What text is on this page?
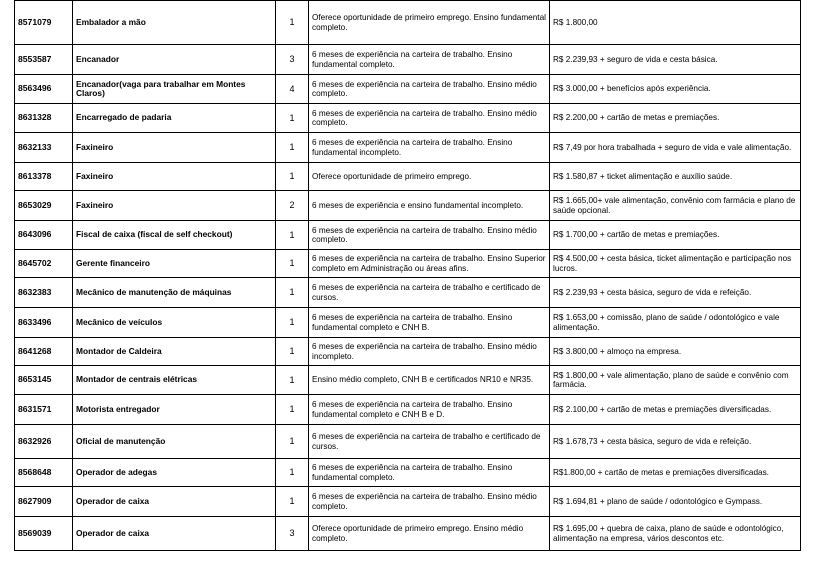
8571079	Embalador a mão	1	Oferece oportunidade de primeiro emprego. Ensino fundamental completo.	R$ 1.800,00
8553587	Encanador	3	6 meses de experiência na carteira de trabalho. Ensino fundamental completo.	R$ 2.239,93 + seguro de vida e cesta básica.
8563496	Encanador(vaga para trabalhar em Montes Claros)	4	6 meses de experiência na carteira de trabalho. Ensino médio completo.	R$ 3.000,00 + benefícios após experiência.
8631328	Encarregado de padaria	1	6 meses de experiência na carteira de trabalho. Ensino médio completo.	R$ 2.200,00 + cartão de metas e premiações.
8632133	Faxineiro	1	6 meses de experiência na carteira de trabalho. Ensino fundamental incompleto.	R$ 7,49 por hora trabalhada + seguro de vida e vale alimentação.
8613378	Faxineiro	1	Oferece oportunidade de primeiro emprego.	R$ 1.580,87 + ticket alimentação e auxílio saúde.
8653029	Faxineiro	2	6 meses de experiência e ensino fundamental incompleto.	R$ 1.665,00+ vale alimentação, convênio com farmácia e plano de saúde opcional.
8643096	Fiscal de caixa (fiscal de self checkout)	1	6 meses de experiência na carteira de trabalho. Ensino médio completo.	R$ 1.700,00 + cartão de metas e premiações.
8645702	Gerente financeiro	1	6 meses de experiência na carteira de trabalho. Ensino Superior completo em Administração ou áreas afins.	R$ 4.500,00 + cesta básica, ticket alimentação e participação nos lucros.
8632383	Mecânico de manutenção de máquinas	1	6 meses de experiência na carteira de trabalho e certificado de cursos.	R$ 2.239,93 + cesta básica, seguro de vida e refeição.
8633496	Mecânico de veículos	1	6 meses de experiência na carteira de trabalho. Ensino fundamental completo e CNH B.	R$ 1.653,00 + comissão, plano de saúde / odontológico e vale alimentação.
8641268	Montador de Caldeira	1	6 meses de experiência na carteira de trabalho. Ensino médio incompleto.	R$ 3.800,00 + almoço na empresa.
8653145	Montador de centrais elétricas	1	Ensino médio completo, CNH B e certificados NR10 e NR35.	R$ 1.800,00 + vale alimentação, plano de saúde e convênio com farmácia.
8631571	Motorista entregador	1	6 meses de experiência na carteira de trabalho. Ensino fundamental completo e CNH B e D.	R$ 2.100,00 + cartão de metas e premiações diversificadas.
8632926	Oficial de manutenção	1	6 meses de experiência na carteira de trabalho e certificado de cursos.	R$ 1.678,73 + cesta básica, seguro de vida e refeição.
8568648	Operador de adegas	1	6 meses de experiência na carteira de trabalho. Ensino fundamental completo.	R$1.800,00 + cartão de metas e premiações diversificadas.
8627909	Operador de caixa	1	6 meses de experiência na carteira de trabalho. Ensino médio completo.	R$ 1.694,81 + plano de saúde / odontológico e Gympass.
8569039	Operador de caixa	3	Oferece oportunidade de primeiro emprego. Ensino médio completo.	R$ 1.695,00 + quebra de caixa, plano de saúde e odontológico, alimentação na empresa, vários descontos etc.
